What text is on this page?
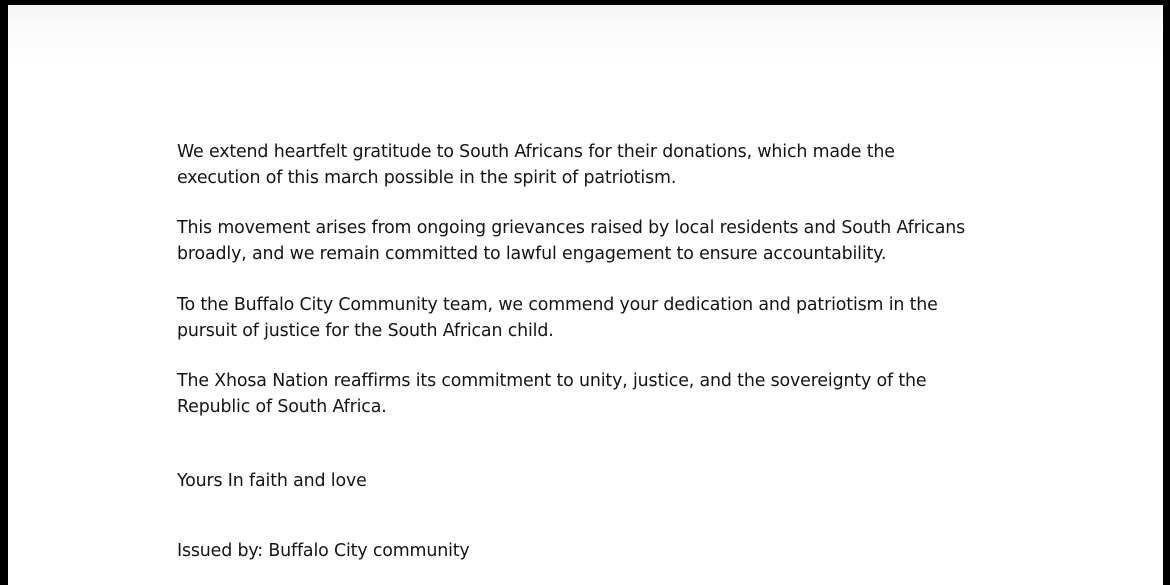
We extend heartfelt gratitude to South Africans for their donations, which made the
execution of this march possible in the spirit of patriotism.

This movement arises from ongoing grievances raised by local residents and South Africans
broadly, and we remain committed to lawful engagement to ensure accountability.

To the Buffalo City Community team, we commend your dedication and patriotism in the
pursuit of justice for the South African child.

The Xhosa Nation reaffirms its commitment to unity, justice, and the sovereignty of the
Republic of South Africa.

Yours In faith and love

Issued by: Buffalo City community
